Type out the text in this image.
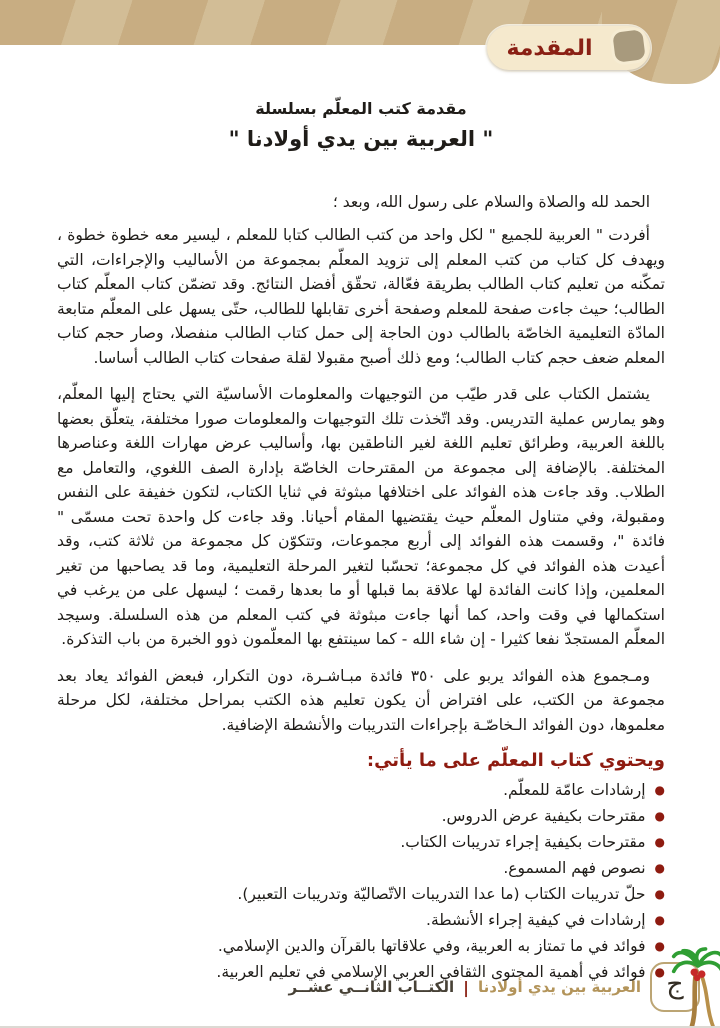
المقدمة
مقدمة كتب المعلّم بسلسلة
" العربية بين يدي أولادنا "
الحمد لله والصلاة والسلام على رسول الله، وبعد ؛
أفردت " العربية للجميع " لكل واحد من كتب الطالب كتابا للمعلم ، ليسير معه خطوة خطوة ، ويهدف كل كتاب من كتب المعلم إلى تزويد المعلّم بمجموعة من الأساليب والإجراءات، التي تمكّنه من تعليم كتاب الطالب بطريقة فعّالة، تحقّق أفضل النتائج. وقد تضمّن كتاب المعلّم كتاب الطالب؛ حيث جاءت صفحة للمعلم وصفحة أخرى تقابلها للطالب، حتّى يسهل على المعلّم متابعة المادّة التعليمية الخاصّة بالطالب دون الحاجة إلى حمل كتاب الطالب منفصلا، وصار حجم كتاب المعلم ضعف حجم كتاب الطالب؛ ومع ذلك أصبح مقبولا لقلة صفحات كتاب الطالب أساسا.
يشتمل الكتاب على قدر طيّب من التوجيهات والمعلومات الأساسيّة التي يحتاج إليها المعلّم، وهو يمارس عملية التدريس. وقد اتّخذت تلك التوجيهات والمعلومات صورا مختلفة، يتعلّق بعضها باللغة العربية، وطرائق تعليم اللغة لغير الناطقين بها، وأساليب عرض مهارات اللغة وعناصرها المختلفة. بالإضافة إلى مجموعة من المقترحات الخاصّة بإدارة الصف اللغوي، والتعامل مع الطلاب. وقد جاءت هذه الفوائد على اختلافها مبثوثة في ثنايا الكتاب، لتكون خفيفة على النفس ومقبولة، وفي متناول المعلّم حيث يقتضيها المقام أحيانا. وقد جاءت كل واحدة تحت مسمّى " فائدة "، وقسمت هذه الفوائد إلى أربع مجموعات، وتتكوّن كل مجموعة من ثلاثة كتب، وقد أعيدت هذه الفوائد في كل مجموعة؛ تحسّبا لتغير المرحلة التعليمية، وما قد يصاحبها من تغير المعلمين، وإذا كانت الفائدة لها علاقة بما قبلها أو ما بعدها رقمت ؛ ليسهل على من يرغب في استكمالها في وقت واحد، كما أنها جاءت مبثوثة في كتب المعلم من هذه السلسلة. وسيجد المعلّم المستجدّ نفعا كثيرا - إن شاء الله - كما سينتفع بها المعلّمون ذوو الخبرة من باب التذكرة.
ومـجموع هذه الفوائد يربو على ٣٥٠ فائدة مبـاشـرة، دون التكرار، فبعض الفوائد يعاد بعد مجموعة من الكتب، على افتراض أن يكون تعليم هذه الكتب بمراحل مختلفة، لكل مرحلة معلموها، دون الفوائد الـخاصّـة بإجراءات التدريبات والأنشطة الإضافية.
ويحتوي كتاب المعلّم على ما يأتي:
●
إرشادات عامّة للمعلّم.
●
مقترحات بكيفية عرض الدروس.
●
مقترحات بكيفية إجراء تدريبات الكتاب.
●
نصوص فهم المسموع.
●
حلّ تدريبات الكتاب (ما عدا التدريبات الاتّصاليّة وتدريبات التعبير).
●
إرشادات في كيفية إجراء الأنشطة.
●
فوائد في ما تمتاز به العربية، وفي علاقاتها بالقرآن والدين الإسلامي.
●
فوائد في أهمية المحتوى الثقافي العربي الإسلامي في تعليم العربية. ج
العربية بين يدي أولادنا
|
الكتــاب الثانــي عشــر
